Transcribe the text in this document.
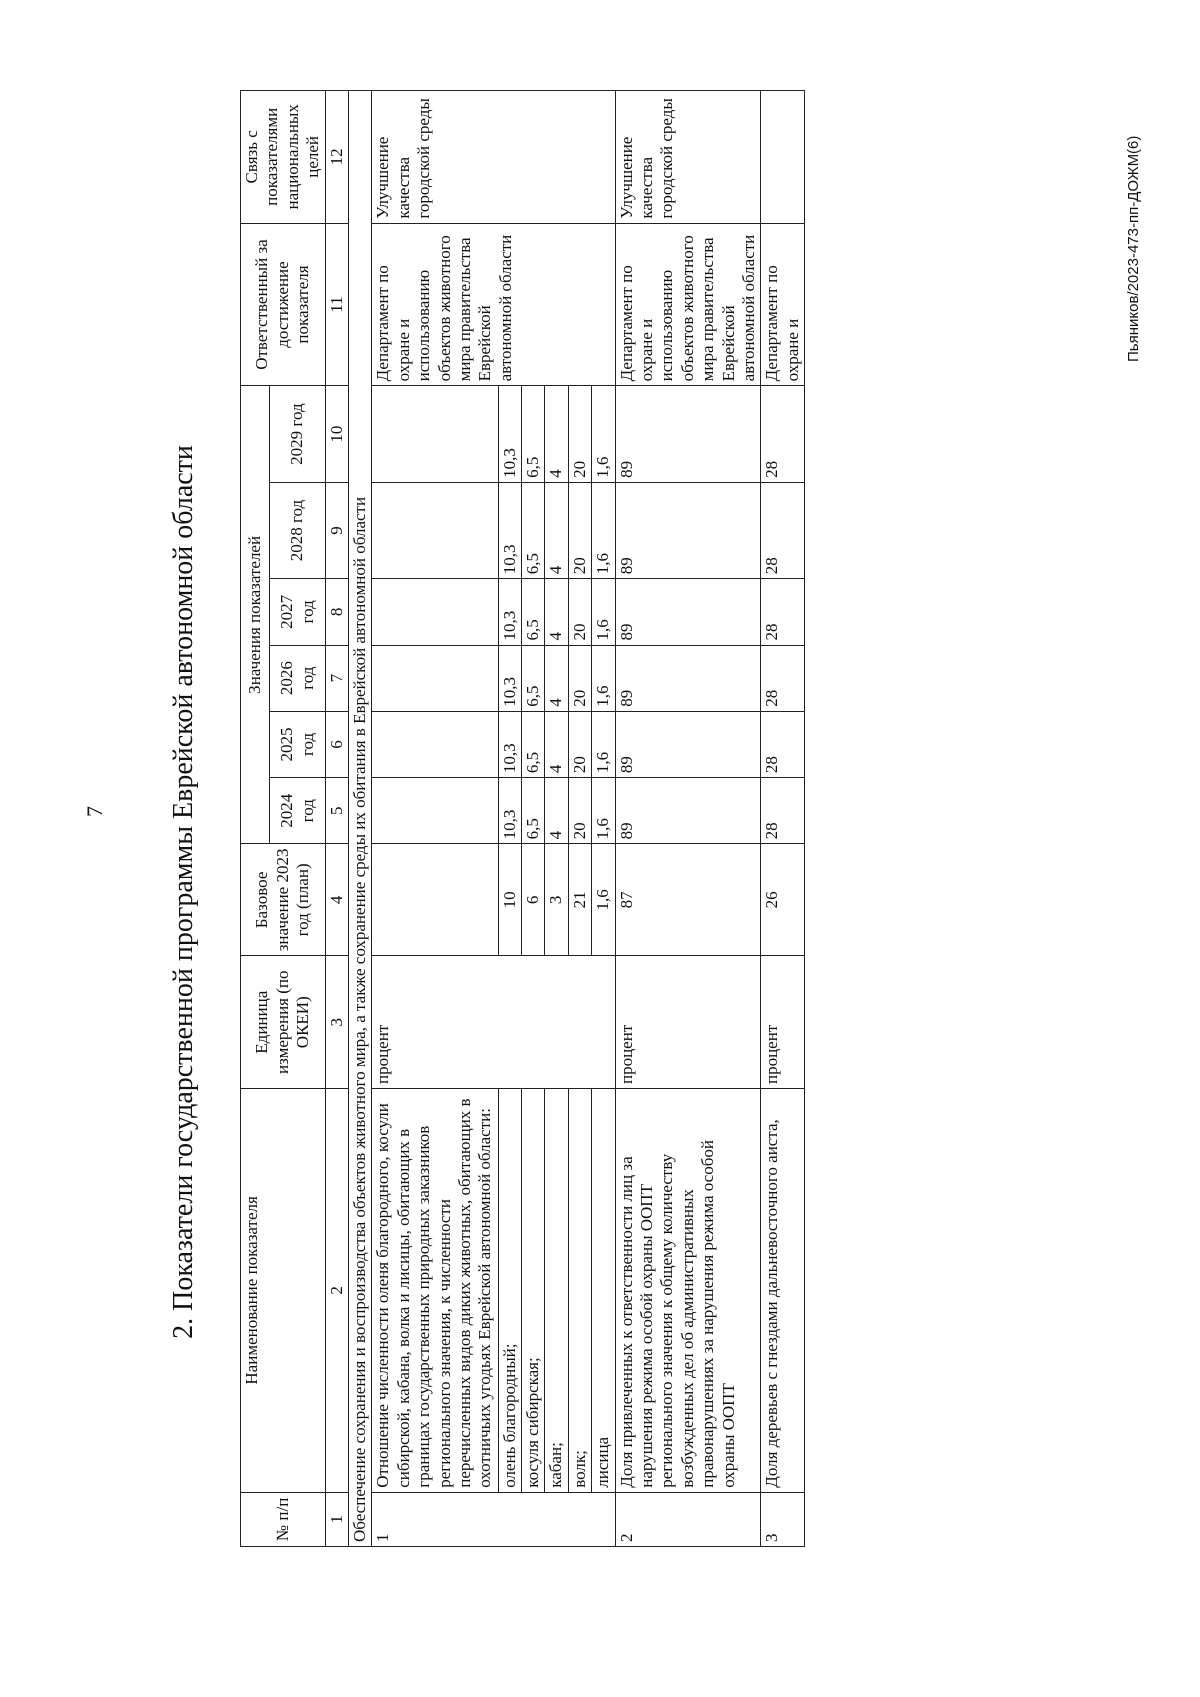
7 2. Показатели государственной программы Еврейской автономной области
№ п/п	Наименование показателя	Единица измерения (по ОКЕИ)	Базовое значение 2023 год (план)	Значения показателей						Ответственный за достижение показателя	Связь с показателями национальных целей
				2024 год	2025 год	2026 год	2027 год	2028 год	2029 год		
1	2	3	4	5	6	7	8	9	10	11	12
Обеспечение сохранения и воспроизводства объектов животного мира, а также сохранение среды их обитания в Еврейской автономной области											
1	Отношение численности оленя благородного, косули сибирской, кабана, волка и лисицы, обитающих в границах государственных природных заказников регионального значения, к численности перечисленных видов диких животных, обитающих в охотничьих угодьях Еврейской автономной области:	процент								Департамент по охране и использованию объектов животного мира правительства Еврейской автономной области	Улучшение качества городской среды
	олень благородный;		10	10,3	10,3	10,3	10,3	10,3	10,3		
	косуля сибирская;		6	6,5	6,5	6,5	6,5	6,5	6,5		
	кабан;		3	4	4	4	4	4	4		
	волк;		21	20	20	20	20	20	20		
	лисица		1,6	1,6	1,6	1,6	1,6	1,6	1,6		
2	Доля привлеченных к ответственности лиц за нарушения режима особой охраны ООПТ регионального значения к общему количеству возбужденных дел об административных правонарушениях за нарушения режима особой охраны ООПТ	процент	87	89	89	89	89	89	89	Департамент по охране и использованию объектов животного мира правительства Еврейской автономной области	Улучшение качества городской среды
3	Доля деревьев с гнездами дальневосточного аиста,	процент	26	28	28	28	28	28	28	Департамент по охране и		Пьяников/2023-473-пп-ДОЖМ(6)
